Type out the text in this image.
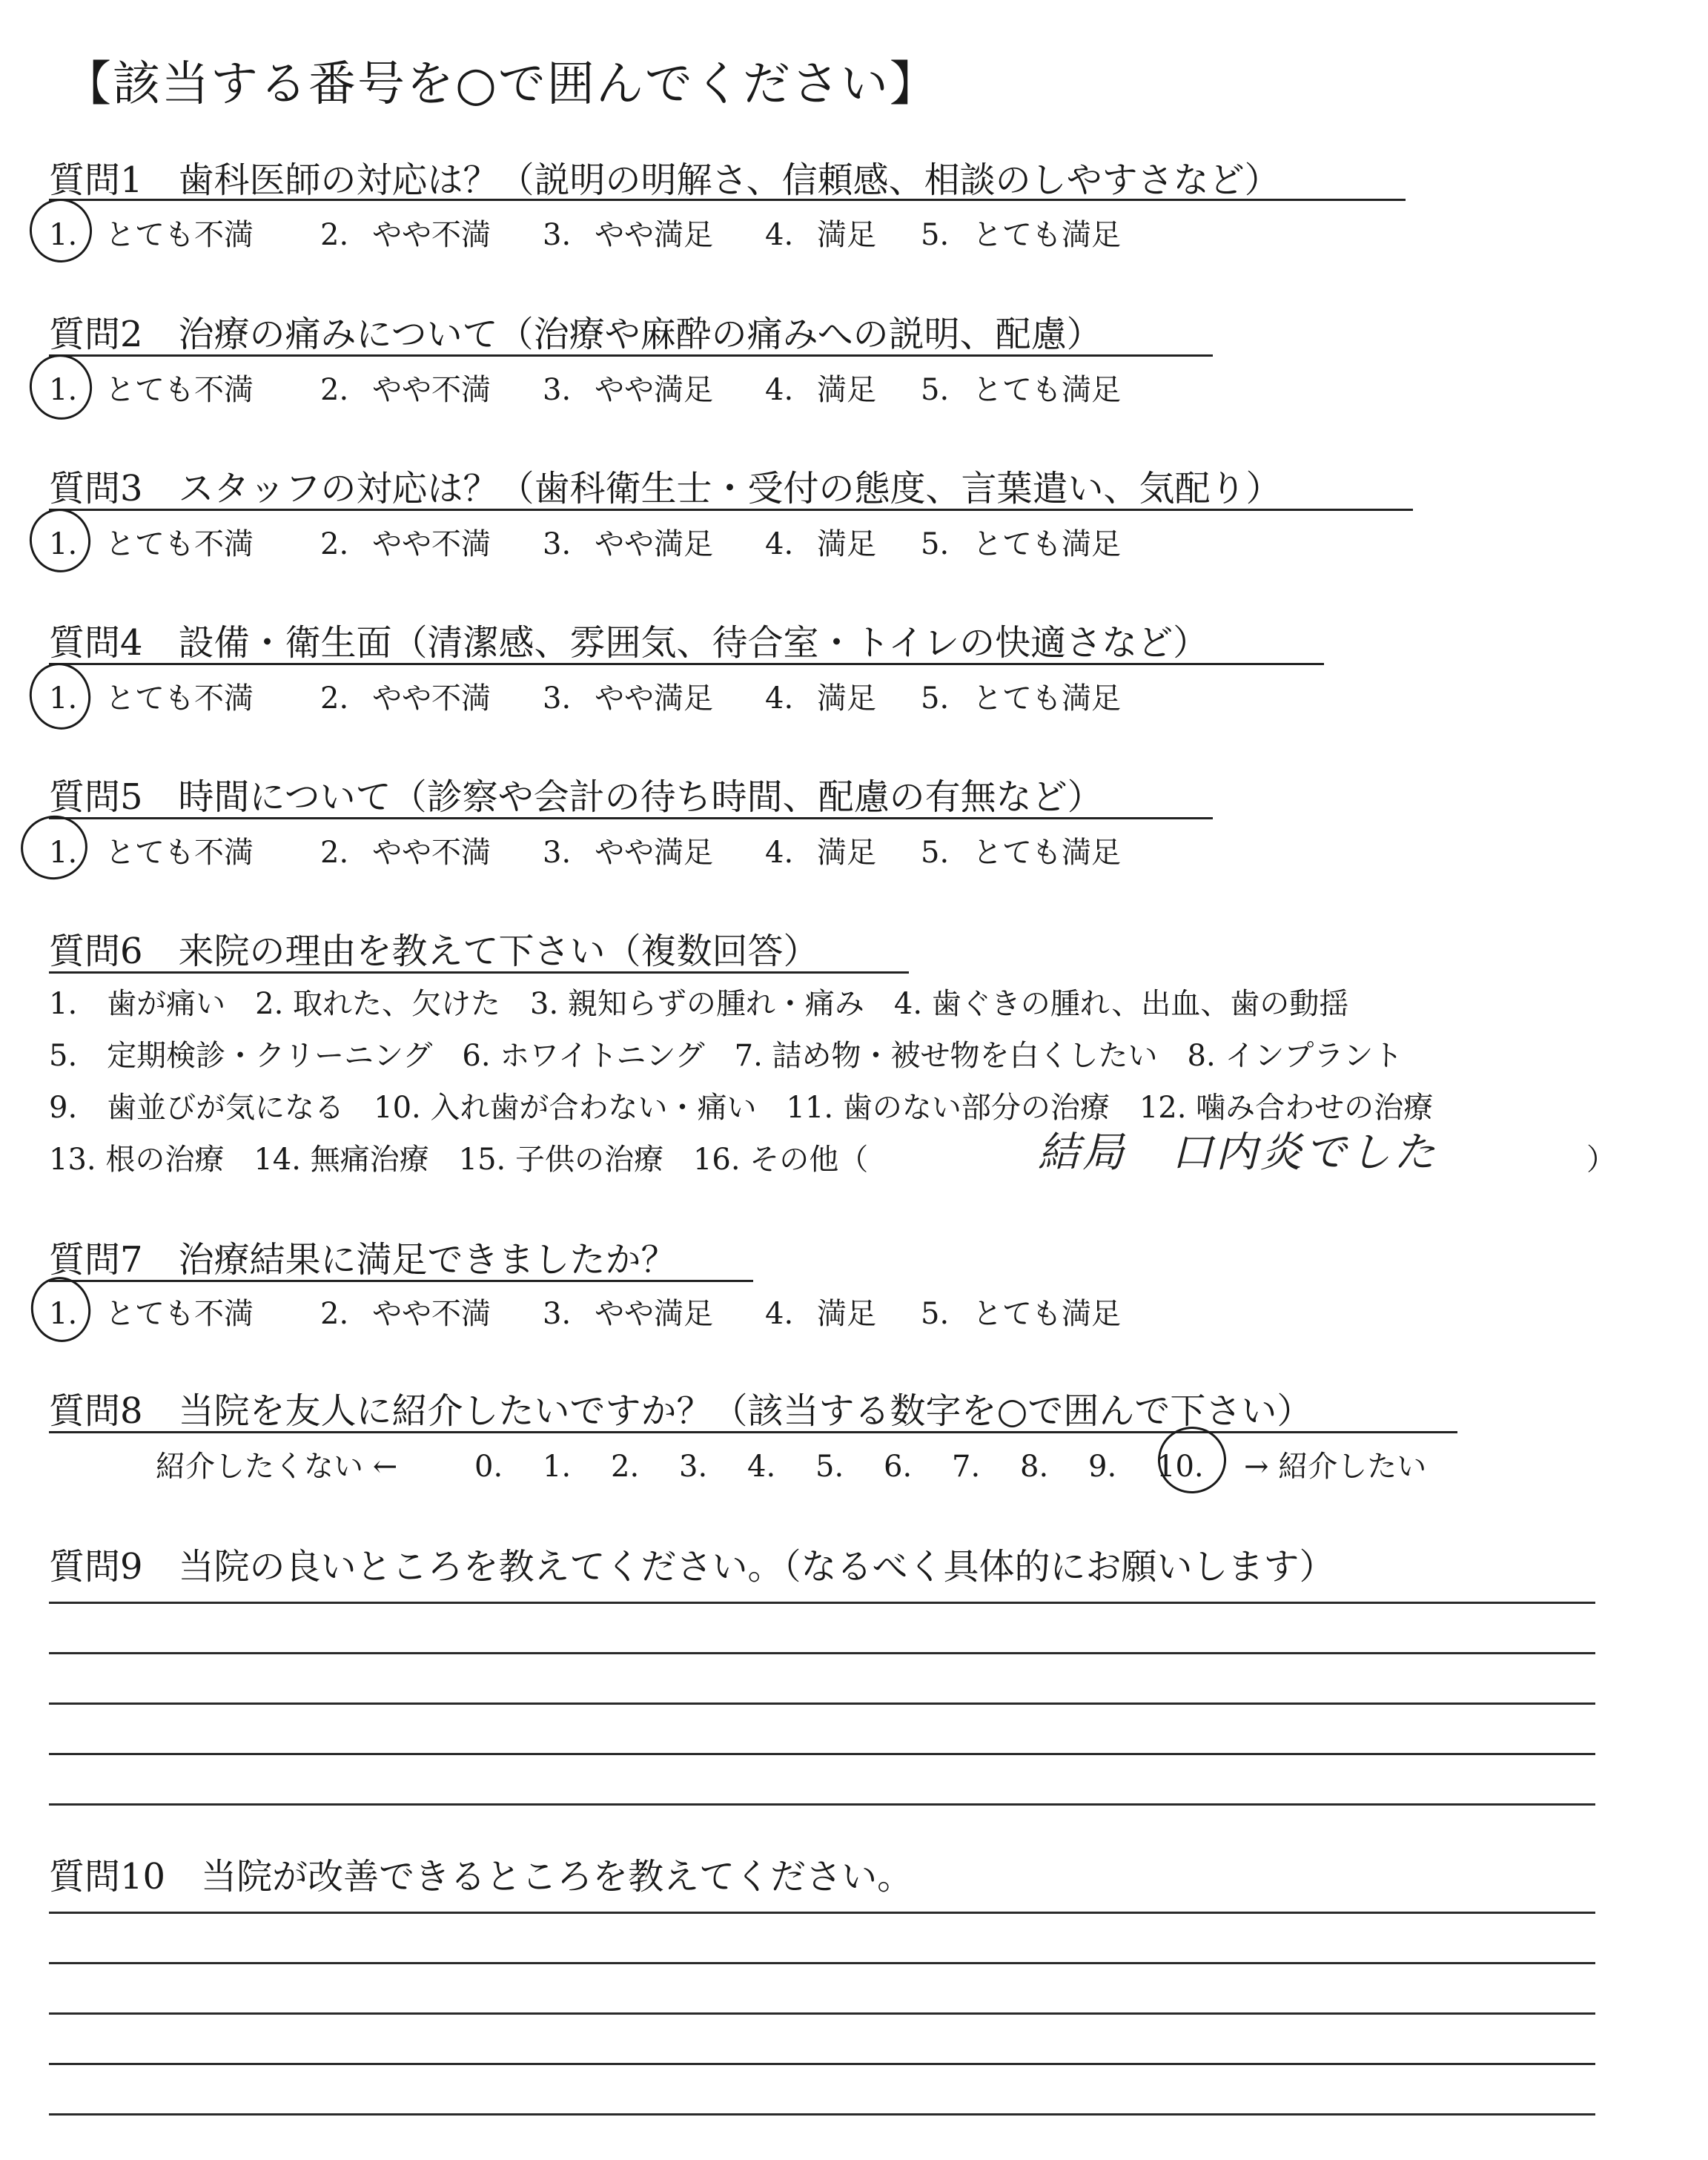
【該当する番号を○で囲んでください】
質問1　歯科医師の対応は？（説明の明解さ、信頼感、相談のしやすさなど）
1. とても不満 2. やや不満 3. やや満足 4. 満足 5. とても満足
質問2　治療の痛みについて（治療や麻酔の痛みへの説明、配慮）
1. とても不満 2. やや不満 3. やや満足 4. 満足 5. とても満足
質問3　スタッフの対応は？（歯科衛生士・受付の態度、言葉遣い、気配り）
1. とても不満 2. やや不満 3. やや満足 4. 満足 5. とても満足
質問4　設備・衛生面（清潔感、雰囲気、待合室・トイレの快適さなど）
1. とても不満 2. やや不満 3. やや満足 4. 満足 5. とても満足
質問5　時間について（診察や会計の待ち時間、配慮の有無など）
1. とても不満 2. やや不満 3. やや満足 4. 満足 5. とても満足
質問6　来院の理由を教えて下さい（複数回答）
1.　歯が痛い　2. 取れた、欠けた　3. 親知らずの腫れ・痛み　4. 歯ぐきの腫れ、出血、歯の動揺
5.　定期検診・クリーニング　6. ホワイトニング　7. 詰め物・被せ物を白くしたい　8. インプラント
9.　歯並びが気になる　10. 入れ歯が合わない・痛い　11. 歯のない部分の治療　12. 噛み合わせの治療
13. 根の治療　14. 無痛治療　15. 子供の治療　16. その他（	結局　口内炎でした	）
質問7　治療結果に満足できましたか？
1. とても不満 2. やや不満 3. やや満足 4. 満足 5. とても満足
質問8　当院を友人に紹介したいですか？（該当する数字を○で囲んで下さい）
紹介したくない ←	0. 1. 2. 3. 4. 5. 6. 7. 8. 9. 10. → 紹介したい
質問9　当院の良いところを教えてください。（なるべく具体的にお願いします）
質問10　当院が改善できるところを教えてください。
